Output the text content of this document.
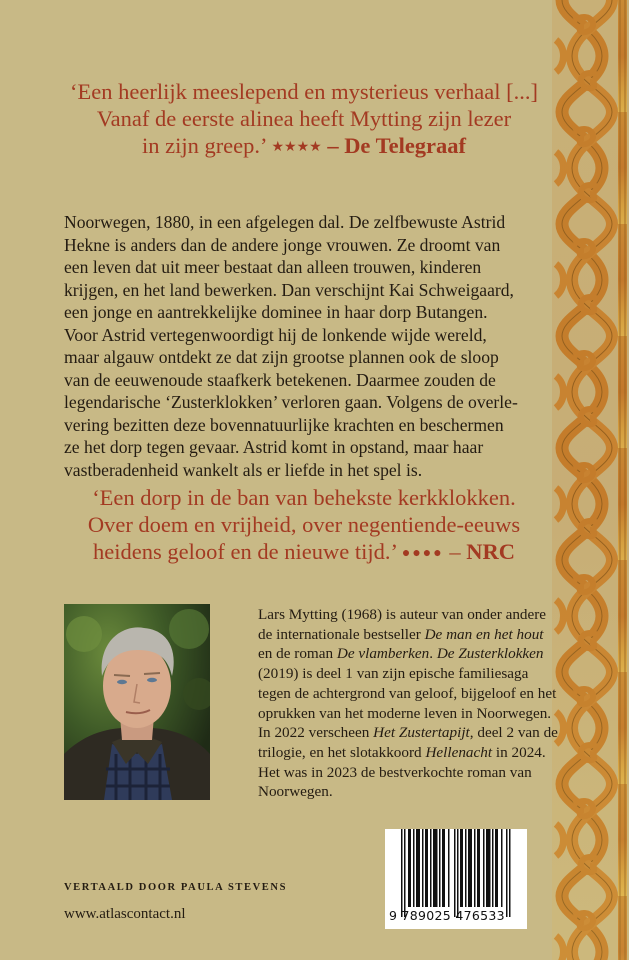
‘Een heerlijk meeslepend en mysterieus verhaal [...]
Vanaf de eerste alinea heeft Mytting zijn lezer
in zijn greep.’ ★★★★ – De Telegraaf
Noorwegen, 1880, in een afgelegen dal. De zelfbewuste Astrid
Hekne is anders dan de andere jonge vrouwen. Ze droomt van
een leven dat uit meer bestaat dan alleen trouwen, kinderen
krijgen, en het land bewerken. Dan verschijnt Kai Schweigaard,
een jonge en aantrekkelijke dominee in haar dorp Butangen.
Voor Astrid vertegenwoordigt hij de lonkende wijde wereld,
maar algauw ontdekt ze dat zijn grootse plannen ook de sloop
van de eeuwenoude staafkerk betekenen. Daarmee zouden de
legendarische ‘Zusterklokken’ verloren gaan. Volgens de overle-
vering bezitten deze bovennatuurlijke krachten en beschermen
ze het dorp tegen gevaar. Astrid komt in opstand, maar haar
vastberadenheid wankelt als er liefde in het spel is.
‘Een dorp in de ban van behekste kerkklokken.
Over doem en vrijheid, over negentiende-eeuws
heidens geloof en de nieuwe tijd.’ ●●●● – NRC
Lars Mytting (1968) is auteur van onder andere
de internationale bestseller De man en het hout
en de roman De vlamberken. De Zusterklokken
(2019) is deel 1 van zijn epische familiesaga
tegen de achtergrond van geloof, bijgeloof en het
oprukken van het moderne leven in Noorwegen.
In 2022 verscheen Het Zustertapijt, deel 2 van de
trilogie, en het slotakkoord Hellenacht in 2024.
Het was in 2023 de bestverkochte roman van
Noorwegen.
VERTAALD DOOR PAULA STEVENS
www.atlascontact.nl	9 789025 476533
